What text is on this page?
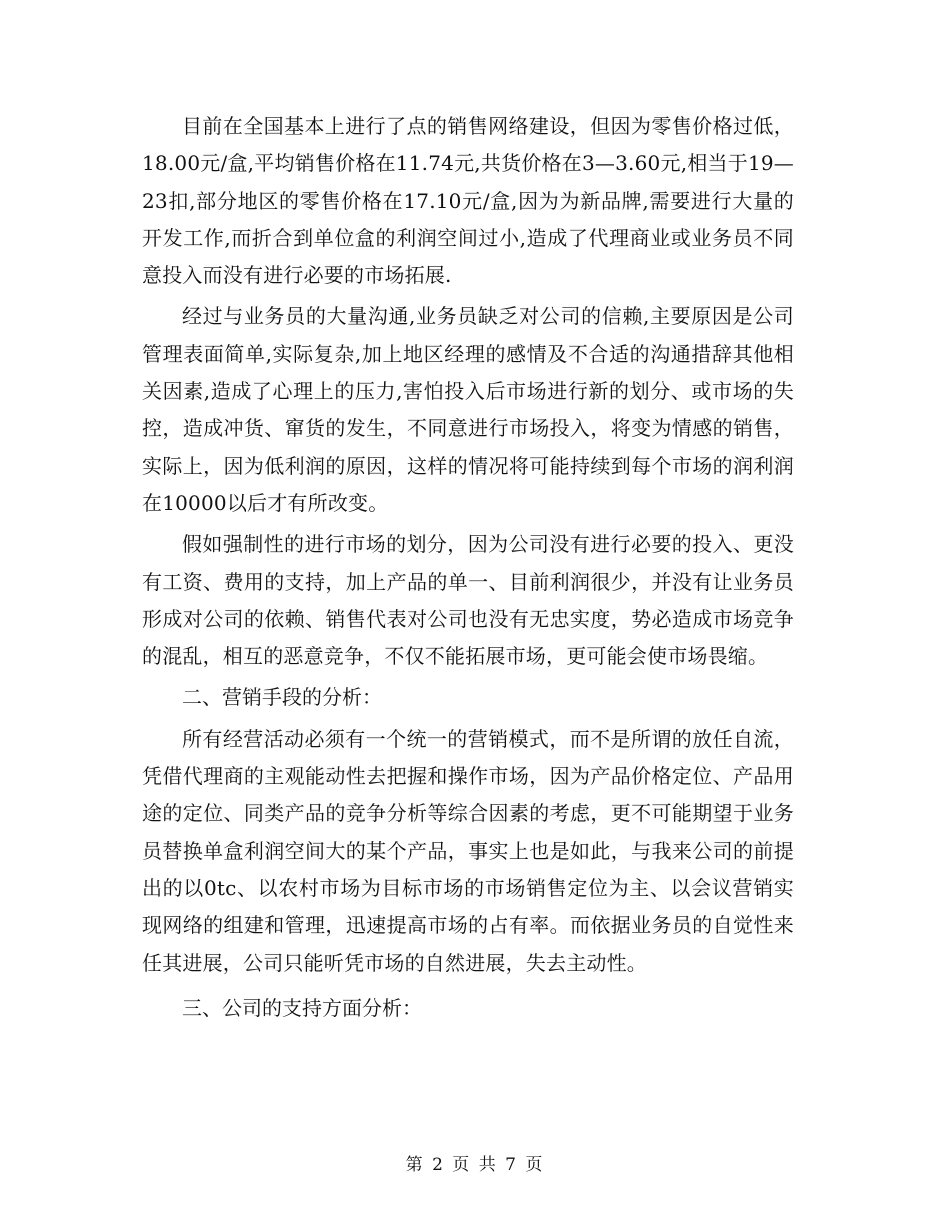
目前在全国基本上进行了点的销售网络建设，但因为零售价格过低，18.00元/盒,平均销售价格在11.74元,共货价格在3—3.60元,相当于19—23扣,部分地区的零售价格在17.10元/盒,因为为新品牌,需要进行大量的开发工作,而折合到单位盒的利润空间过小,造成了代理商业或业务员不同意投入而没有进行必要的市场拓展.

经过与业务员的大量沟通,业务员缺乏对公司的信赖,主要原因是公司管理表面简单,实际复杂,加上地区经理的感情及不合适的沟通措辞其他相关因素,造成了心理上的压力,害怕投入后市场进行新的划分、或市场的失控，造成冲货、窜货的发生，不同意进行市场投入，将变为情感的销售，实际上，因为低利润的原因，这样的情况将可能持续到每个市场的润利润在10000以后才有所改变。

假如强制性的进行市场的划分，因为公司没有进行必要的投入、更没有工资、费用的支持，加上产品的单一、目前利润很少，并没有让业务员形成对公司的依赖、销售代表对公司也没有无忠实度，势必造成市场竞争的混乱，相互的恶意竞争，不仅不能拓展市场，更可能会使市场畏缩。

二、营销手段的分析：

所有经营活动必须有一个统一的营销模式，而不是所谓的放任自流，凭借代理商的主观能动性去把握和操作市场，因为产品价格定位、产品用途的定位、同类产品的竞争分析等综合因素的考虑，更不可能期望于业务员替换单盒利润空间大的某个产品，事实上也是如此，与我来公司的前提出的以0tc、以农村市场为目标市场的市场销售定位为主、以会议营销实现网络的组建和管理，迅速提高市场的占有率。而依据业务员的自觉性来任其进展，公司只能听凭市场的自然进展，失去主动性。

三、公司的支持方面分析：

第 2 页 共 7 页
